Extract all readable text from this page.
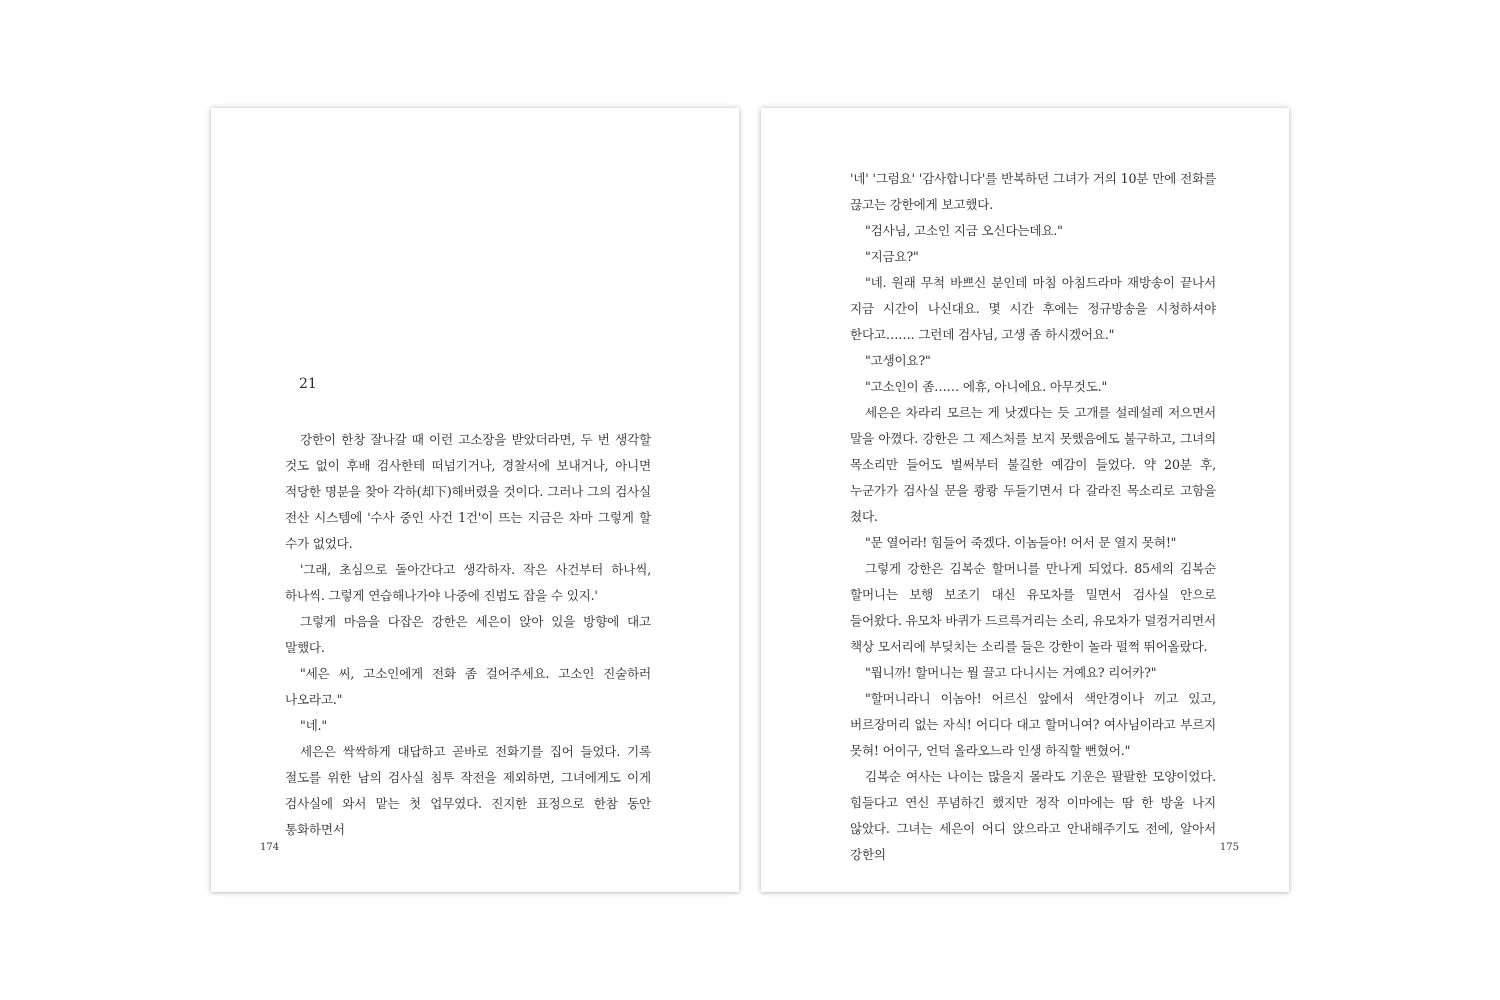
21

강한이 한창 잘나갈 때 이런 고소장을 받았더라면, 두 번 생각할 것도 없이 후배 검사한테 떠넘기거나, 경찰서에 보내거나, 아니면 적당한 명분을 찾아 각하(却下)해버렸을 것이다. 그러나 그의 검사실 전산 시스템에 '수사 중인 사건 1건'이 뜨는 지금은 차마 그렇게 할 수가 없었다.

'그래, 초심으로 돌아간다고 생각하자. 작은 사건부터 하나씩, 하나씩. 그렇게 연습해나가야 나중에 진범도 잡을 수 있지.'

그렇게 마음을 다잡은 강한은 세은이 앉아 있을 방향에 대고 말했다.

"세은 씨, 고소인에게 전화 좀 걸어주세요. 고소인 진술하러 나오라고."

"네."

세은은 싹싹하게 대답하고 곧바로 전화기를 집어 들었다. 기록 절도를 위한 남의 검사실 침투 작전을 제외하면, 그녀에게도 이게 검사실에 와서 맡는 첫 업무였다. 진지한 표정으로 한참 동안 통화하면서

174

'네' '그럼요' '감사합니다'를 반복하던 그녀가 거의 10분 만에 전화를 끊고는 강한에게 보고했다.

"검사님, 고소인 지금 오신다는데요."

"지금요?"

"네. 원래 무척 바쁘신 분인데 마침 아침드라마 재방송이 끝나서 지금 시간이 나신대요. 몇 시간 후에는 정규방송을 시청하셔야 한다고……. 그런데 검사님, 고생 좀 하시겠어요."

"고생이요?"

"고소인이 좀…… 에휴, 아니에요. 아무것도."

세은은 차라리 모르는 게 낫겠다는 듯 고개를 설레설레 저으면서 말을 아꼈다. 강한은 그 제스처를 보지 못했음에도 불구하고, 그녀의 목소리만 들어도 벌써부터 불길한 예감이 들었다. 약 20분 후, 누군가가 검사실 문을 쾅쾅 두들기면서 다 갈라진 목소리로 고함을 쳤다.

"문 열어라! 힘들어 죽겠다. 이놈들아! 어서 문 열지 못혀!"

그렇게 강한은 김복순 할머니를 만나게 되었다. 85세의 김복순 할머니는 보행 보조기 대신 유모차를 밀면서 검사실 안으로 들어왔다. 유모차 바퀴가 드르륵거리는 소리, 유모차가 덜컹거리면서 책상 모서리에 부딪치는 소리를 들은 강한이 놀라 펄쩍 뛰어올랐다.

"뭡니까! 할머니는 뭘 끌고 다니시는 거예요? 리어카?"

"할머니라니 이놈아! 어르신 앞에서 색안경이나 끼고 있고, 버르장머리 없는 자식! 어디다 대고 할머니여? 여사님이라고 부르지 못혀! 어이구, 언덕 올라오느라 인생 하직할 뻔혔어."

김복순 여사는 나이는 많을지 몰라도 기운은 팔팔한 모양이었다. 힘들다고 연신 푸념하긴 했지만 정작 이마에는 땀 한 방울 나지 않았다. 그녀는 세은이 어디 앉으라고 안내해주기도 전에, 알아서 강한의	175
